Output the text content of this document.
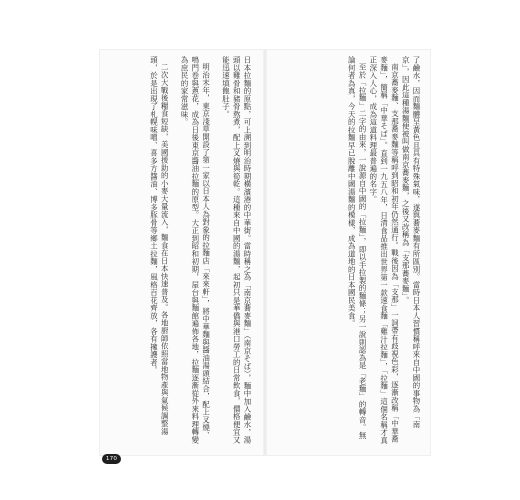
日本拉麵的原點，可上溯到明治時期橫濱港的中華街。當時稱之為「南京蕎麥麵」（南京そば），麵中加入鹼水，湯頭以雞骨和豬骨熬煮，配上叉燒與筍乾。這種來自中國的湯麵，起初只是華僑與港口勞工的日常飲食，價格便宜又能迅速填飽肚子。

明治末年，東京淺草開設了第一家以日本人為對象的拉麵店「來來軒」，將中華麵與醬油湯頭結合，配上叉燒、鳴門卷與蔥花，成為日後東京醬油拉麵的原型。大正到昭和初期，屋台與麵館遍佈各地，拉麵逐漸從外來料理轉變為庶民的家常滋味。

二次大戰後糧食短缺，美國援助的小麥大量流入，麵食在日本快速普及。各地廚師依照當地物產與氣候調整湯頭，於是出現了札幌味噌、喜多方醬油、博多豚骨等鄉土拉麵，風格百花齊放，各有擁護者。	了鹼水，因而麵體呈黃色且具有特殊氣味，遂與蕎麥麵有所區別。當時日本人習慣稱呼來自中國的事物為「南京」，因此這種湯麵便被叫做南京蕎麥麵，之後又改稱為「支那蕎麥麵」。

南京蕎麥麵、支那蕎麥麵等稱呼到昭和初年仍然通行。戰後因為「支那」一詞帶有歧視色彩，逐漸改稱「中華蕎麥麵」，簡稱「中華そば」。直到一九五八年，日清食品推出世界第一款速食麵「雞汁拉麵」，「拉麵」這個名稱才真正深入人心，成為這道料理最普遍的名字。

至於「拉麵」二字的由來，一說源自中國的「拉麵」，即以手拉製的麵條；另一說則認為是「老麵」的轉音。無論何者為真，今天的拉麵早已脫離中國湯麵的模樣，成為道地的日本國民美食。

170
